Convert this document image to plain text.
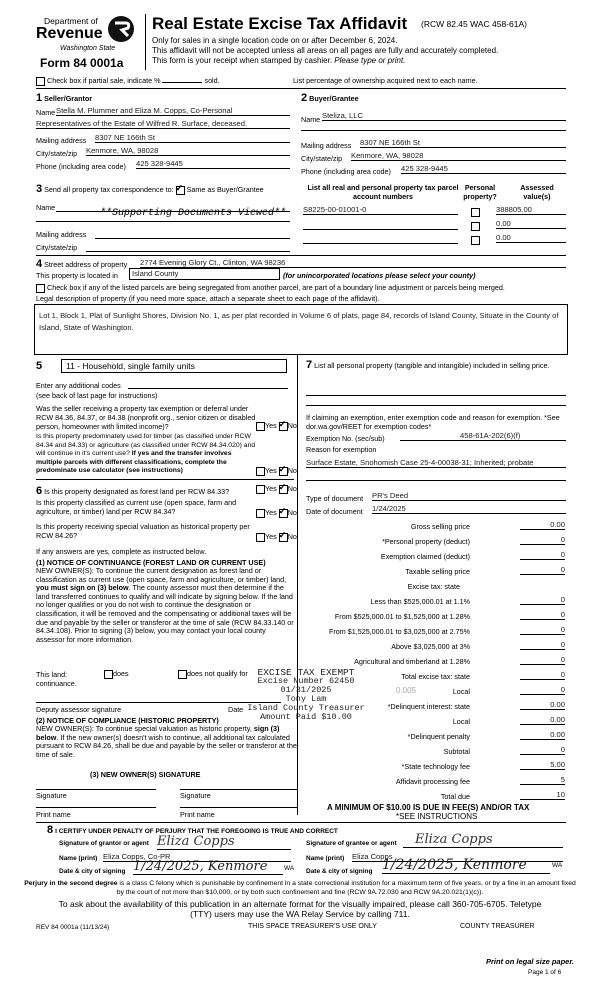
Department of
Revenue
Washington State
Form 84 0001a
Real Estate Excise Tax Affidavit (RCW 82.45 WAC 458-61A)
Only for sales in a single location code on or after December 6, 2024.
This affidavit will not be accepted unless all areas on all pages are fully and accurately completed.
This form is your receipt when stamped by cashier. Please type or print.
Check box if partial sale, indicate %	sold.	List percentage of ownership acquired next to each name.
1 Seller/Grantor
Name Stella M. Plummer and Eliza M. Copps, Co-Personal
Representatives of the Estate of Wilfred R. Surface, deceased.
Mailing address 8307 NE 166th St
City/state/zip Kenmore, WA, 98028
Phone (including area code) 425 328-9445
2 Buyer/Grantee
Name Steliza, LLC
Mailing address 8307 NE 166th St
City/state/zip Kenmore, WA, 98028
Phone (including area code) 425 328-9445
3 Send all property tax correspondence to: ✓ Same as Buyer/Grantee
Name
**Supporting Documents Viewed**
Mailing address
City/state/zip
List all real and personal property tax parcel account numbers
Personal property?
Assessed value(s)
S8225-00-01001-0	388805.00
0.00
0.00
4 Street address of property 2774 Evening Glory Ct., Clinton, WA 98236
This property is located in	Island County	(for unincorporated locations please select your county)
Check box if any of the listed parcels are being segregated from another parcel, are part of a boundary line adjustment or parcels being merged.
Legal description of property (if you need more space, attach a separate sheet to each page of the affidavit).
Lot 1, Block 1, Plat of Sunlight Shores, Division No. 1, as per plat recorded in Volume 6 of plats, page 84, records of Island County, Situate in the County of Island, State of Washington.
5	11 - Household, single family units
Enter any additional codes
(see back of last page for instructions)
Was the seller receiving a property tax exemption or deferral under RCW 84.36, 84.37, or 84.38 (nonprofit org., senior citizen or disabled person, homeowner with limited income)?	Yes ✓ No
Is this property predominately used for timber (as classified under RCW 84.34 and 84.33) or agriculture (as classified under RCW 84.34.020) and will continue in it's current use? If yes and the transfer involves multiple parcels with different classifications, complete the predominate use calculator (see instructions)	Yes ✓ No
6 Is this property designated as forest land per RCW 84.33?	Yes ✓ No
Is this property classified as current use (open space, farm and agriculture, or timber) land per RCW 84.34?	Yes ✓ No
Is this property receiving special valuation as historical property per RCW 84.26?	Yes ✓ No
If any answers are yes, complete as instructed below.
(1) NOTICE OF CONTINUANCE (FOREST LAND OR CURRENT USE)
NEW OWNER(S): To continue the current designation as forest land or classification as current use (open space, farm and agriculture, or timber) land, you must sign on (3) below. The county assessor must then determine if the land transferred continues to qualify and will indicate by signing below. If the land no longer qualifies or you do not wish to continue the designation or classification, it will be removed and the compensating or additional taxes will be due and payable by the seller or transferor at the time of sale (RCW 84.33.140 or 84.34.108). Prior to signing (3) below, you may contact your local county assessor for more information.
This land:	does	does not qualify for
continuance.
Deputy assessor signature	Date
(2) NOTICE OF COMPLIANCE (HISTORIC PROPERTY)
NEW OWNER(S): To continue special valuation as historic property, sign (3) below. If the new owner(s) doesn't wish to continue, all additional tax calculated pursuant to RCW 84.26, shall be due and payable by the seller or transferor at the time of sale.
(3) NEW OWNER(S) SIGNATURE
Signature	Signature
Print name	Print name
7 List all personal property (tangible and intangible) included in selling price.
If claiming an exemption, enter exemption code and reason for exemption. *See dor.wa.gov/REET for exemption codes*
Exemption No. (sec/sub)	458-61A-202(6)(f)
Reason for exemption
Surface Estate, Snohomish Case 25-4-00038-31; Inherited; probate
Type of document PR's Deed
Date of document 1/24/2025
Gross selling price	0.00
*Personal property (deduct)	0
Exemption claimed (deduct)	0
Taxable selling price	0
Excise tax: state
Less than $525,000.01 at 1.1%	0
From $525,000.01 to $1,525,000 at 1.28%	0
From $1,525,000.01 to $3,025,000 at 2.75%	0
Above $3,025,000 at 3%	0
Agricultural and timberland at 1.28%	0
Total excise tax: state	0
0.005	Local	0
*Delinquent interest: state	0.00
Local	0.00
*Delinquent penalty	0.00
Subtotal	0
*State technology fee	5.00
Affidavit processing fee	5
Total due	10
A MINIMUM OF $10.00 IS DUE IN FEE(S) AND/OR TAX
*SEE INSTRUCTIONS
EXCISE TAX EXEMPT
Excise Number 62450
01/31/2025
Tony Lam
Island County Treasurer
Amount Paid $10.00
8 I CERTIFY UNDER PENALTY OF PERJURY THAT THE FOREGOING IS TRUE AND CORRECT
Signature of grantor or agent Eliza Copps
Name (print) Eliza Copps, Co-PR
Date & city of signing 1/24/2025, Kenmore	WA
Signature of grantee or agent	Eliza Copps
Name (print) Eliza Copps
Date & city of signing 1/24/2025, Kenmore	WA
Perjury in the second degree is a class C felony which is punishable by confinement in a state correctional institution for a maximum term of five years, or by a fine in an amount fixed by the court of not more than $10,000, or by both such confinement and fine (RCW 9A.72.030 and RCW 9A.20.021(1)(c)).
To ask about the availability of this publication in an alternate format for the visually impaired, please call 360-705-6705. Teletype (TTY) users may use the WA Relay Service by calling 711.
REV 84 0001a (11/13/24)	THIS SPACE TREASURER'S USE ONLY	COUNTY TREASURER
Print on legal size paper.
Page 1 of 6
